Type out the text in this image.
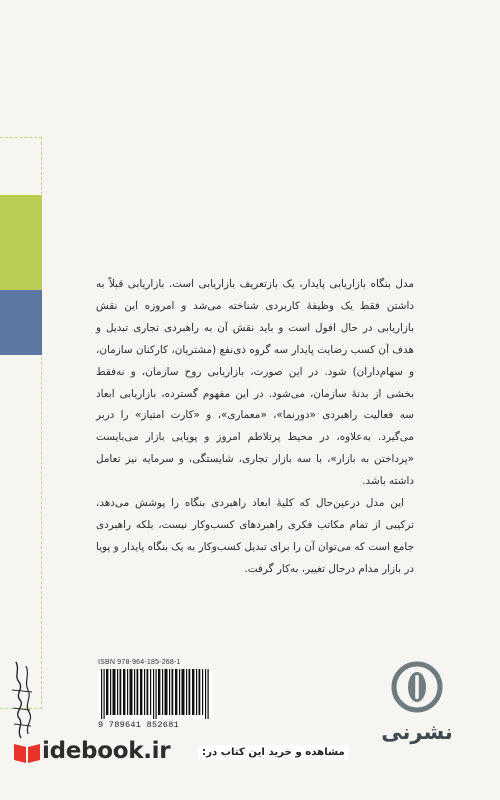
مدل بنگاه بازاریابی پایدار، یک بازتعریف بازاریابی است. بازاریابی قبلاً به داشتن فقط یک وظیفهٔ کاربردی شناخته می‌شد و امروزه این نقش بازاریابی در حال افول است و باید نقش آن به راهبردی تجاری تبدیل و هدف آن کسب رضایت پایدار سه گروه ذی‌نفع (مشتریان، کارکنان سازمان، و سهام‌داران) شود. در این صورت، بازاریابی روح سازمان، و نه‌فقط بخشی از بدنهٔ سازمان، می‌شود. در این مفهوم گسترده، بازاریابی ابعاد سه فعالیت راهبردی «دورنما»، «معماری»، و «کارت امتیاز» را دربر می‌گیرد. به‌علاوه، در محیط پرتلاطم امروز و پویایی بازار می‌بایست «پرداختن به بازار»، با سه بازار تجاری، شایستگی، و سرمایه نیز تعامل داشته باشد.

این مدل درعین‌حال که کلیهٔ ابعاد راهبردی بنگاه را پوشش می‌دهد، ترکیبی از تمام مکاتب فکری راهبردهای کسب‌وکار نیست، بلکه راهبردی جامع است که می‌توان آن را برای تبدیل کسب‌وکار به یک بنگاه پایدار و پویا در بازار مدام درحال تغییر، به‌کار گرفت.

ISBN 978-964-185-268-1
9 789641 852681	نشرنی
idebook.ir	مشاهده و خرید این کتاب در:
